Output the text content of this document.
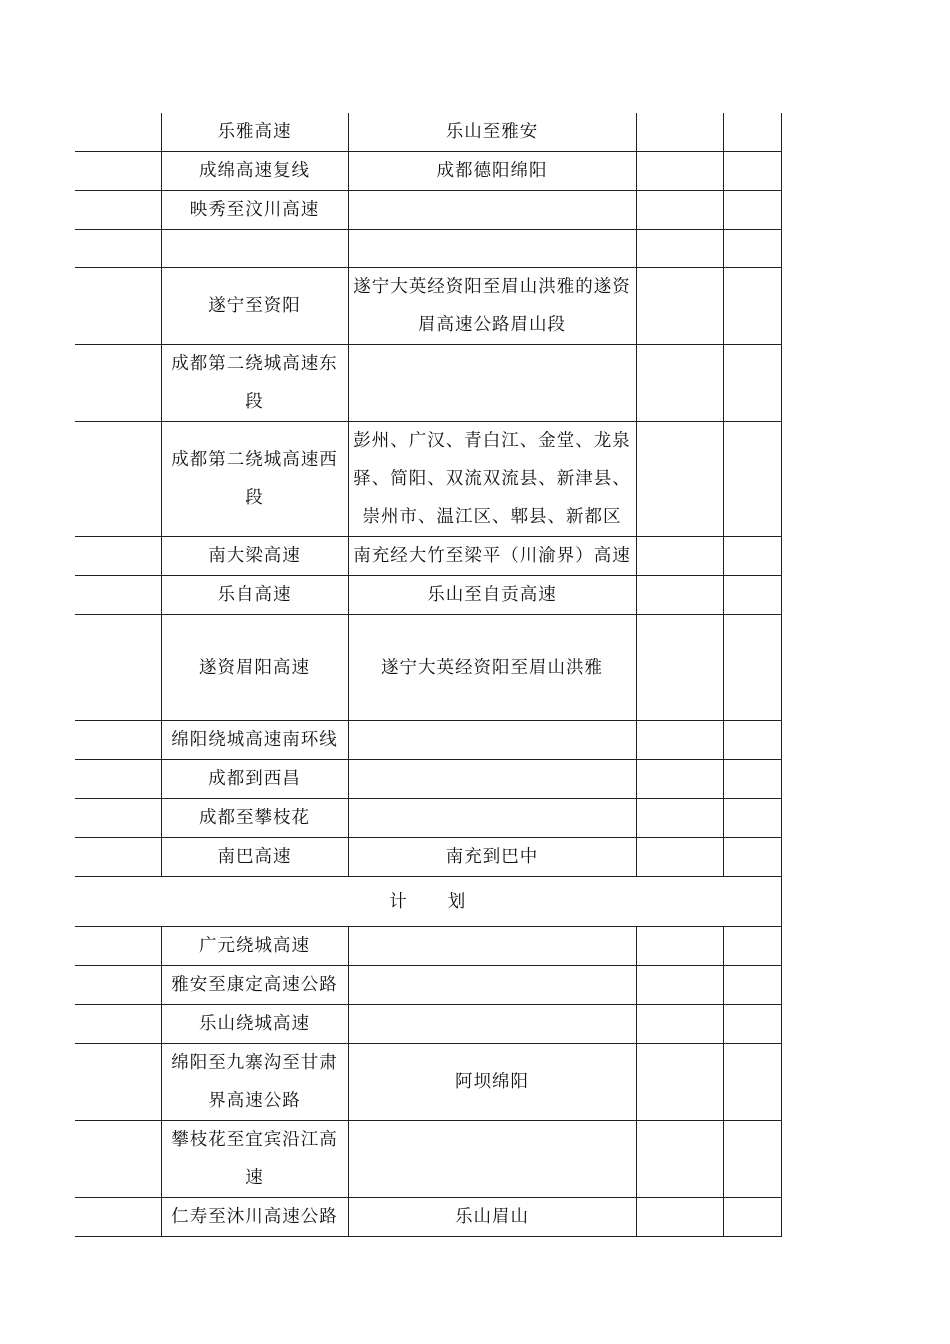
	乐雅高速	乐山至雅安		
	成绵高速复线	成都德阳绵阳		
	映秀至汶川高速			

	遂宁至资阳	遂宁大英经资阳至眉山洪雅的遂资眉高速公路眉山段		
	成都第二绕城高速东段			
	成都第二绕城高速西段	彭州、广汉、青白江、金堂、龙泉驿、简阳、双流双流县、新津县、崇州市、温江区、郫县、新都区		
	南大梁高速	南充经大竹至梁平（川渝界）高速		
	乐自高速	乐山至自贡高速		
	遂资眉阳高速	遂宁大英经资阳至眉山洪雅		
	绵阳绕城高速南环线			
	成都到西昌			
	成都至攀枝花			
	南巴高速	南充到巴中		
计 划				
	广元绕城高速			
	雅安至康定高速公路			
	乐山绕城高速			
	绵阳至九寨沟至甘肃界高速公路	阿坝绵阳		
	攀枝花至宜宾沿江高速			
	仁寿至沐川高速公路	乐山眉山		
